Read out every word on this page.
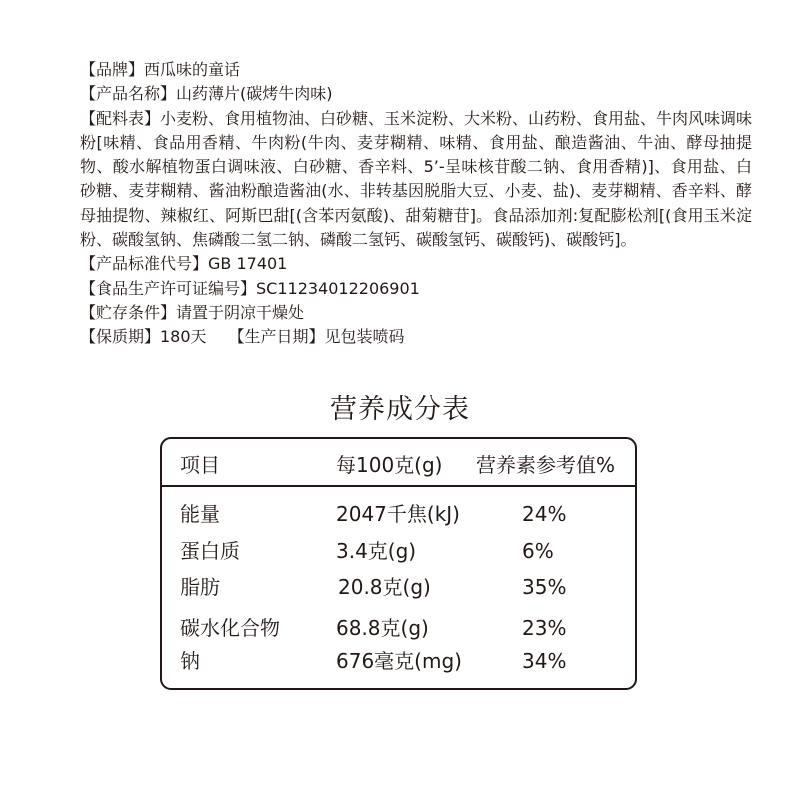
【品牌】西瓜味的童话

【产品名称】山药薄片(碳烤牛肉味)

【配料表】小麦粉、食用植物油、白砂糖、玉米淀粉、大米粉、山药粉、食用盐、牛肉风味调味粉[味精、食品用香精、牛肉粉(牛肉、麦芽糊精、味精、食用盐、酿造酱油、牛油、酵母抽提物、酸水解植物蛋白调味液、白砂糖、香辛料、5’-呈味核苷酸二钠、食用香精)]、食用盐、白砂糖、麦芽糊精、酱油粉酿造酱油(水、非转基因脱脂大豆、小麦、盐)、麦芽糊精、香辛料、酵母抽提物、辣椒红、阿斯巴甜[(含苯丙氨酸)、甜菊糖苷]。食品添加剂:复配膨松剂[(食用玉米淀粉、碳酸氢钠、焦磷酸二氢二钠、磷酸二氢钙、碳酸氢钙、碳酸钙)、碳酸钙]。

【产品标准代号】GB 17401

【食品生产许可证编号】SC11234012206901

【贮存条件】请置于阴凉干燥处

【保质期】180天 【生产日期】见包装喷码

营养成分表
项目	每100克(g) 营养素参考值%
能量	2047千焦(kJ)	24%
蛋白质	3.4克(g)	6%
脂肪	20.8克(g)	35%
碳水化合物	68.8克(g)	23%
钠	676毫克(mg)	34%
